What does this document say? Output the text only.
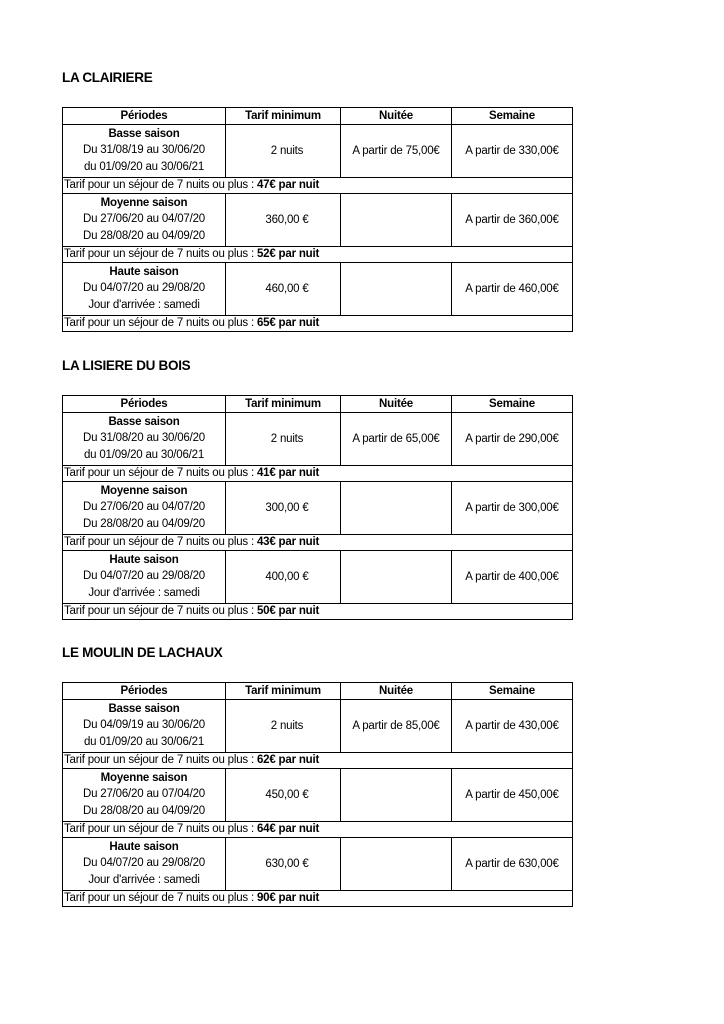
LA CLAIRIERE
Périodes	Tarif minimum	Nuitée	Semaine

Basse saison
Du 31/08/19 au 30/06/20
du 01/09/20 au 30/06/21	2 nuits	A partir de 75,00€	A partir de 330,00€
Tarif pour un séjour de 7 nuits ou plus : 47€ par nuit			

Moyenne saison
Du 27/06/20 au 04/07/20
Du 28/08/20 au 04/09/20	360,00 €		A partir de 360,00€
Tarif pour un séjour de 7 nuits ou plus : 52€ par nuit			

Haute saison
Du 04/07/20 au 29/08/20
Jour d'arrivée : samedi	460,00 €		A partir de 460,00€
Tarif pour un séjour de 7 nuits ou plus : 65€ par nuit			
LA LISIERE DU BOIS
Périodes	Tarif minimum	Nuitée	Semaine

Basse saison
Du 31/08/20 au 30/06/20
du 01/09/20 au 30/06/21	2 nuits	A partir de 65,00€	A partir de 290,00€
Tarif pour un séjour de 7 nuits ou plus : 41€ par nuit			

Moyenne saison
Du 27/06/20 au 04/07/20
Du 28/08/20 au 04/09/20	300,00 €		A partir de 300,00€
Tarif pour un séjour de 7 nuits ou plus : 43€ par nuit			

Haute saison
Du 04/07/20 au 29/08/20
Jour d'arrivée : samedi	400,00 €		A partir de 400,00€
Tarif pour un séjour de 7 nuits ou plus : 50€ par nuit			
LE MOULIN DE LACHAUX
Périodes	Tarif minimum	Nuitée	Semaine

Basse saison
Du 04/09/19 au 30/06/20
du 01/09/20 au 30/06/21	2 nuits	A partir de 85,00€	A partir de 430,00€
Tarif pour un séjour de 7 nuits ou plus : 62€ par nuit			

Moyenne saison
Du 27/06/20 au 07/04/20
Du 28/08/20 au 04/09/20	450,00 €		A partir de 450,00€
Tarif pour un séjour de 7 nuits ou plus : 64€ par nuit			

Haute saison
Du 04/07/20 au 29/08/20
Jour d'arrivée : samedi	630,00 €		A partir de 630,00€
Tarif pour un séjour de 7 nuits ou plus : 90€ par nuit			
